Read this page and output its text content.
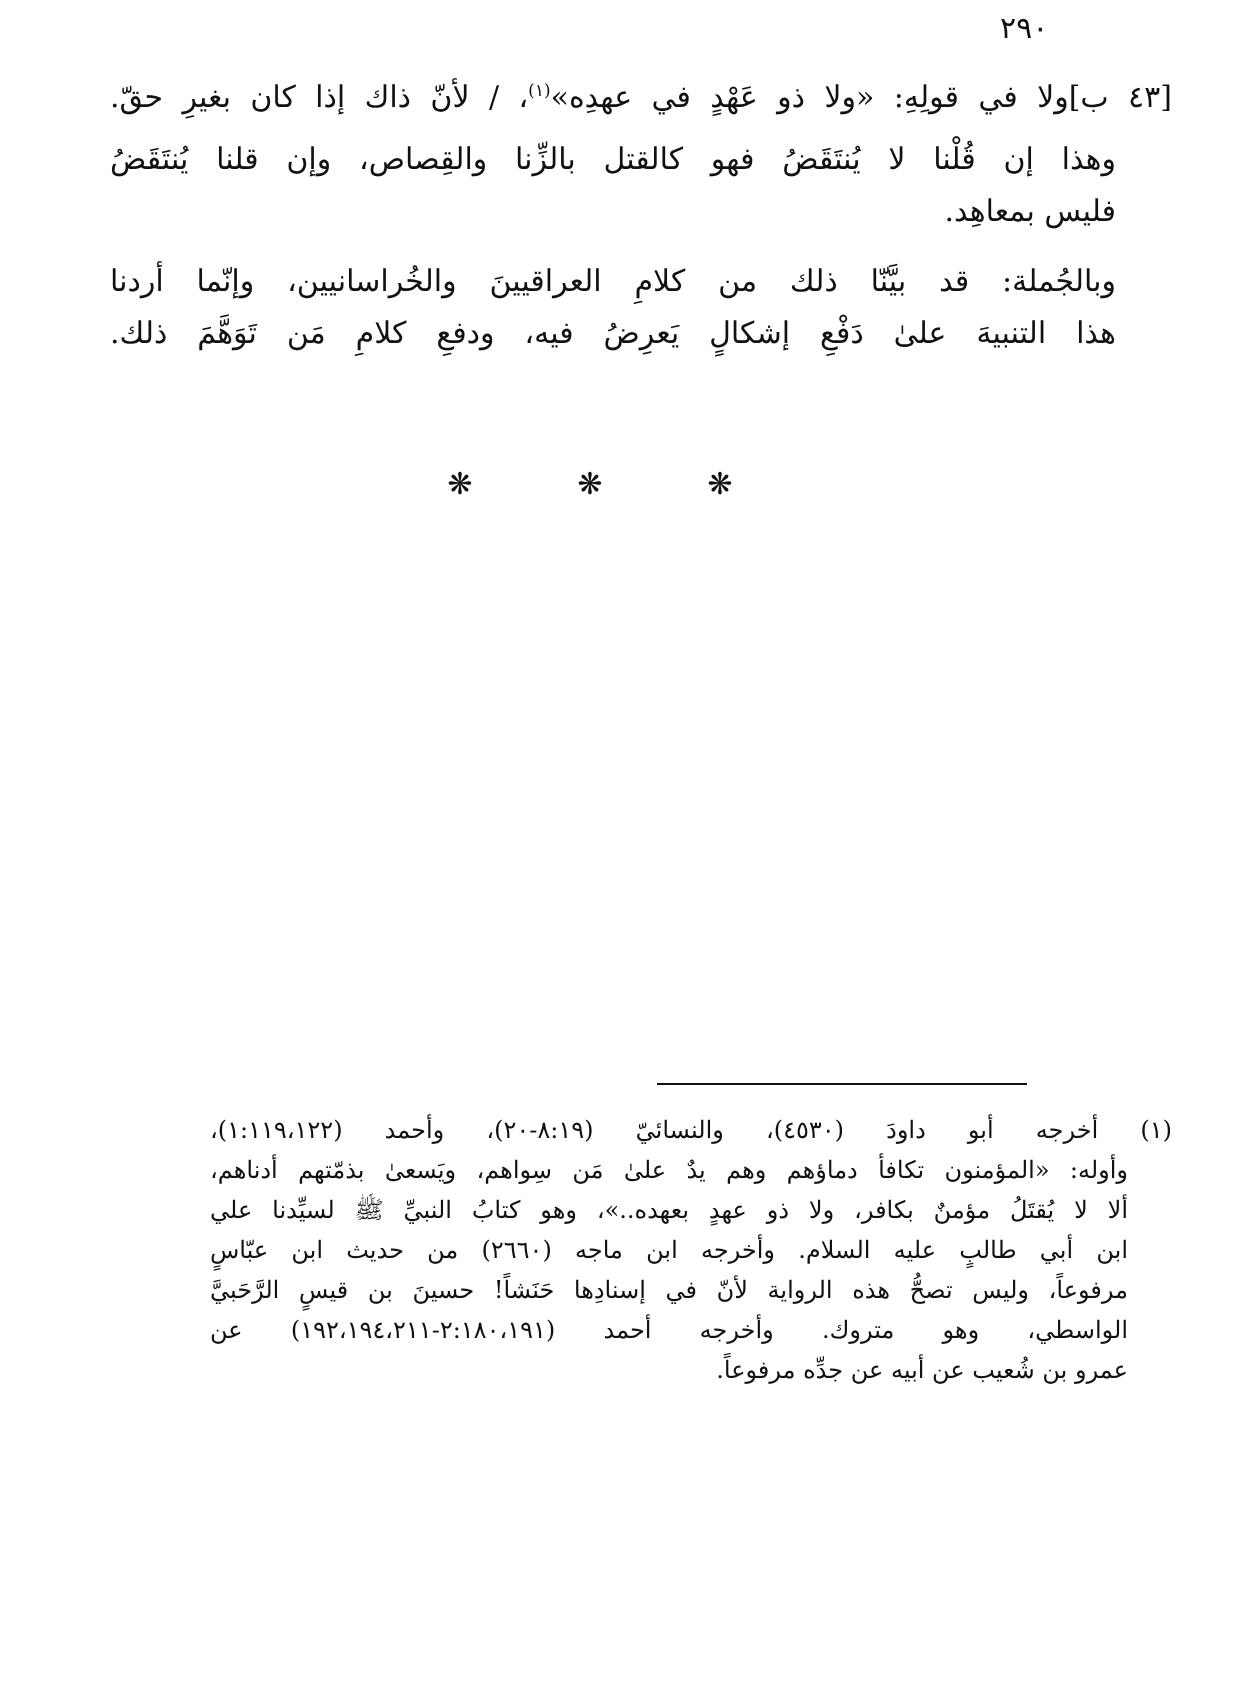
٢٩٠
[٤٣ ب]ولا في قولِهِ: «ولا ذو عَهْدٍ في عهدِه»$^{(١)}$، / لأنّ ذاك إذا كان بغيرِ حقّ.
وهذا إن قُلْنا لا يُنتَقَضُ فهو كالقتل بالزِّنا والقِصاص، وإن قلنا يُنتَقَضُ
فليس بمعاهِد.
وبالجُملة: قد بيَّنّا ذلك من كلامِ العراقيينَ والخُراسانيين، وإنّما أردنا
هذا التنبيهَ علىٰ دَفْعِ إشكالٍ يَعرِضُ فيه، ودفعِ كلامِ مَن تَوَهَّمَ ذلك.
❋	❋	❋
(١) أخرجه أبو داودَ (٤٥٣٠)، والنسائيّ (٨:١٩-٢٠)، وأحمد (١:١١٩،١٢٢)،
وأوله: «المؤمنون تكافأ دماؤهم وهم يدٌ علىٰ مَن سِواهم، ويَسعىٰ بذمّتهم أدناهم،
ألا لا يُقتَلُ مؤمنٌ بكافر، ولا ذو عهدٍ بعهده..»، وهو كتابُ النبيِّ ﷺ لسيِّدنا علي
ابن أبي طالبٍ عليه السلام. وأخرجه ابن ماجه (٢٦٦٠) من حديث ابن عبّاسٍ
مرفوعاً، وليس تصحُّ هذه الرواية لأنّ في إسنادِها حَنَشاً! حسينَ بن قيسٍ الرَّحَبيَّ
الواسطي، وهو متروك. وأخرجه أحمد (٢:١٨٠،١٩١-١٩٢،١٩٤،٢١١) عن
عمرو بن شُعيب عن أبيه عن جدِّه مرفوعاً.
